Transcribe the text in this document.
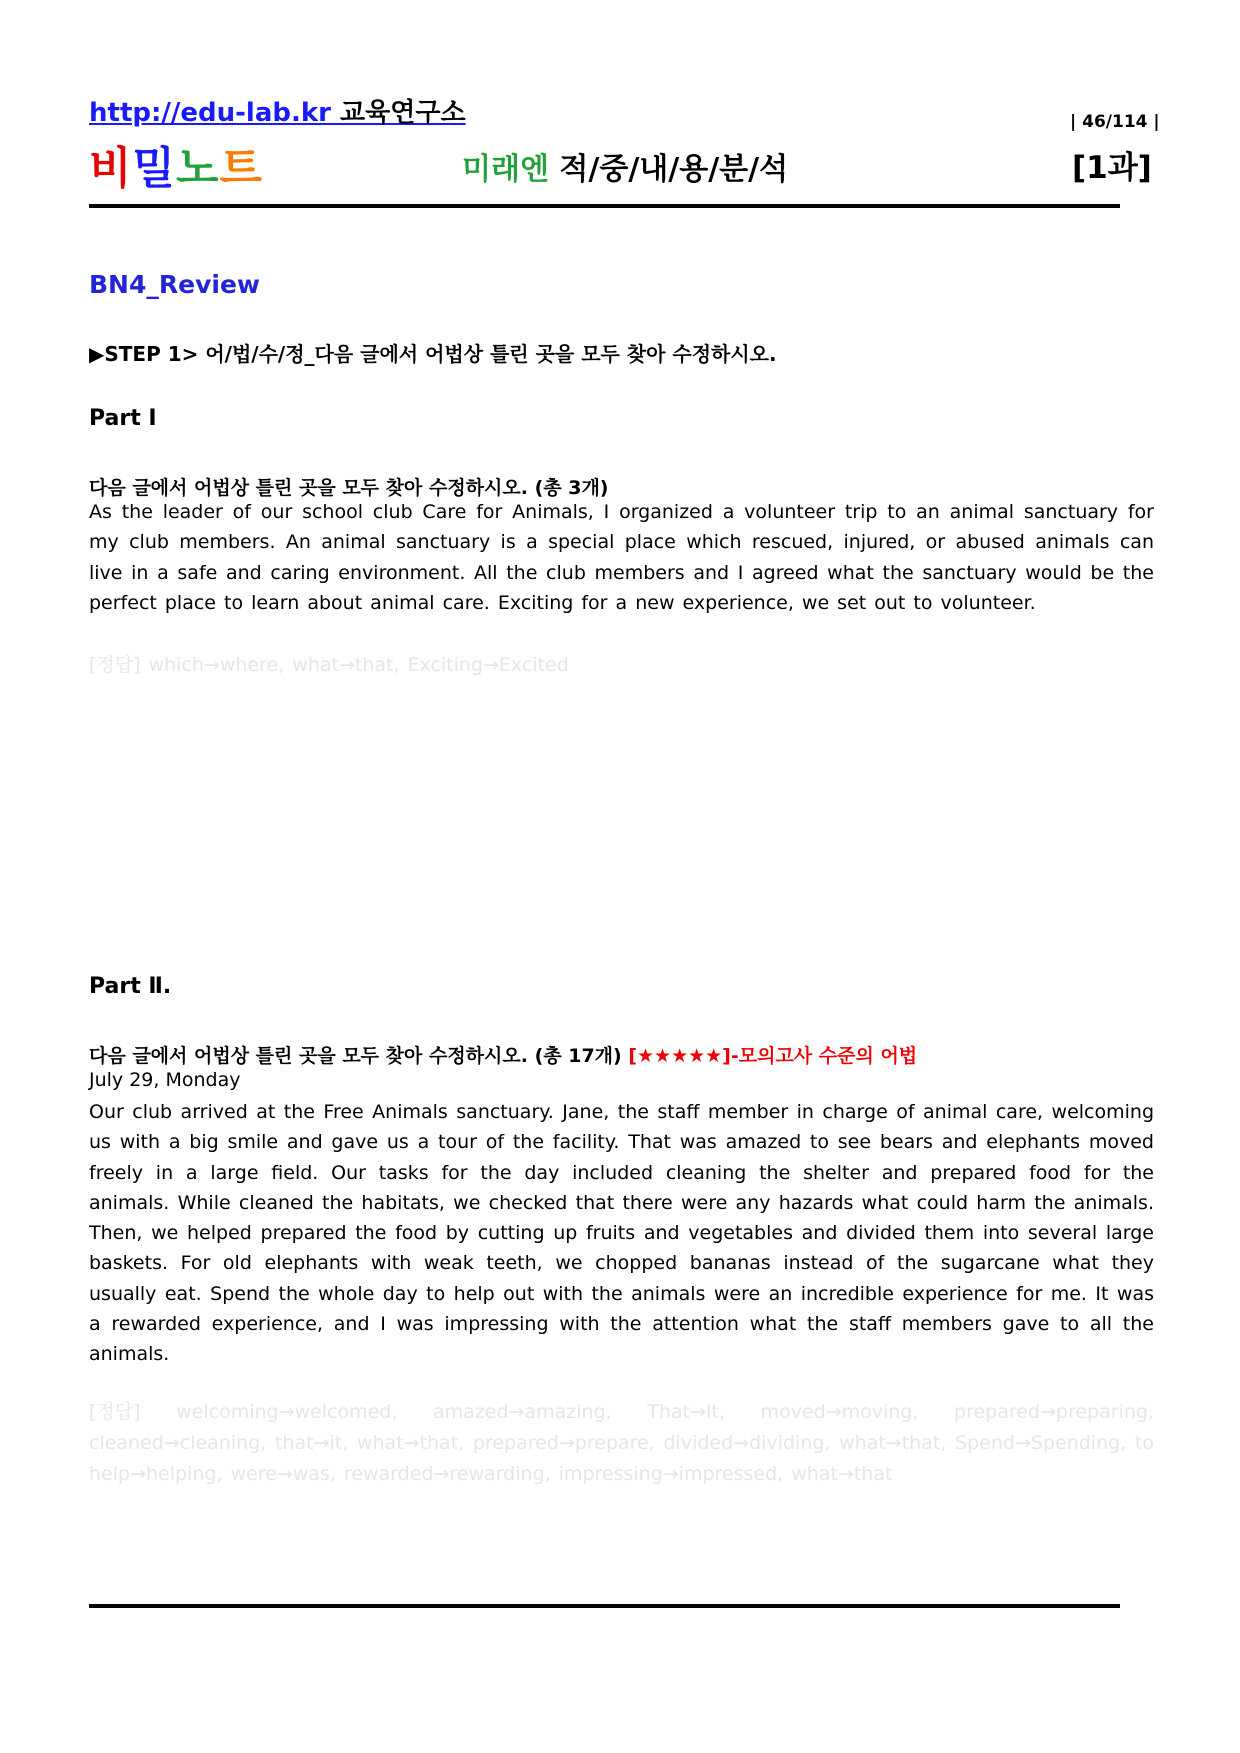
http://edu-lab.kr 교육연구소	| 46/114 |
비밀노트	미래엔 적/중/내/용/분/석	[1과]
BN4_Review
▶STEP 1> 어/법/수/정_다음 글에서 어법상 틀린 곳을 모두 찾아 수정하시오.
Part Ⅰ
다음 글에서 어법상 틀린 곳을 모두 찾아 수정하시오. (총 3개)
As the leader of our school club Care for Animals, I organized a volunteer trip to an animal sanctuary for my club members. An animal sanctuary is a special place which rescued, injured, or abused animals can live in a safe and caring environment. All the club members and I agreed what the sanctuary would be the perfect place to learn about animal care. Exciting for a new experience, we set out to volunteer.
[정답] which→where, what→that, Exciting→Excited
Part Ⅱ.
다음 글에서 어법상 틀린 곳을 모두 찾아 수정하시오. (총 17개) [★★★★★]-모의고사 수준의 어법
July 29, Monday
Our club arrived at the Free Animals sanctuary. Jane, the staff member in charge of animal care, welcoming us with a big smile and gave us a tour of the facility. That was amazed to see bears and elephants moved freely in a large field. Our tasks for the day included cleaning the shelter and prepared food for the animals. While cleaned the habitats, we checked that there were any hazards what could harm the animals. Then, we helped prepared the food by cutting up fruits and vegetables and divided them into several large baskets. For old elephants with weak teeth, we chopped bananas instead of the sugarcane what they usually eat. Spend the whole day to help out with the animals were an incredible experience for me. It was a rewarded experience, and I was impressing with the attention what the staff members gave to all the animals.
[정답] welcoming→welcomed, amazed→amazing, That→It, moved→moving, prepared→preparing, cleaned→cleaning, that→it, what→that, prepared→prepare, divided→dividing, what→that, Spend→Spending, to help→helping, were→was, rewarded→rewarding, impressing→impressed, what→that
